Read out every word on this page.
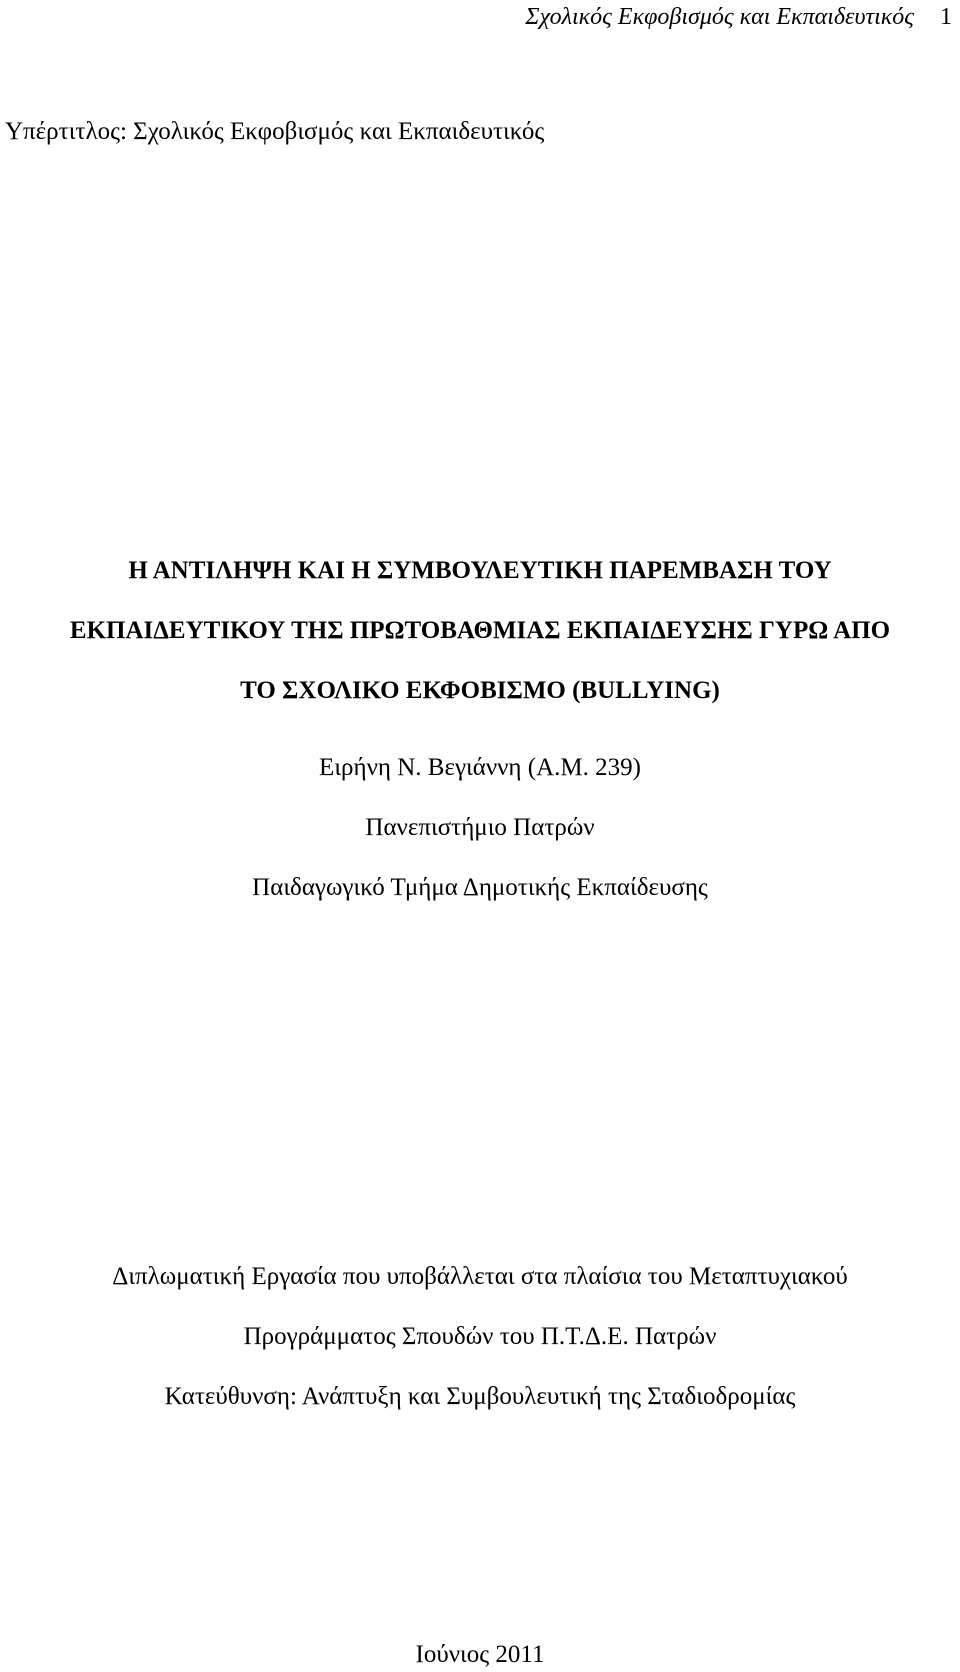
Σχολικός Εκφοβισμός και Εκπαιδευτικός 1
Υπέρτιτλος: Σχολικός Εκφοβισμός και Εκπαιδευτικός
Η ΑΝΤΙΛΗΨΗ ΚΑΙ Η ΣΥΜΒΟΥΛΕΥΤΙΚΗ ΠΑΡΕΜΒΑΣΗ ΤΟΥ
ΕΚΠΑΙΔΕΥΤΙΚΟΥ ΤΗΣ ΠΡΩΤΟΒΑΘΜΙΑΣ ΕΚΠΑΙΔΕΥΣΗΣ ΓΥΡΩ ΑΠΟ
ΤΟ ΣΧΟΛΙΚΟ ΕΚΦΟΒΙΣΜΟ (BULLYING)
Ειρήνη Ν. Βεγιάννη (Α.Μ. 239)
Πανεπιστήμιο Πατρών
Παιδαγωγικό Τμήμα Δημοτικής Εκπαίδευσης
Διπλωματική Εργασία που υποβάλλεται στα πλαίσια του Μεταπτυχιακού
Προγράμματος Σπουδών του Π.Τ.Δ.Ε. Πατρών
Κατεύθυνση: Ανάπτυξη και Συμβουλευτική της Σταδιοδρομίας
Ιούνιος 2011
